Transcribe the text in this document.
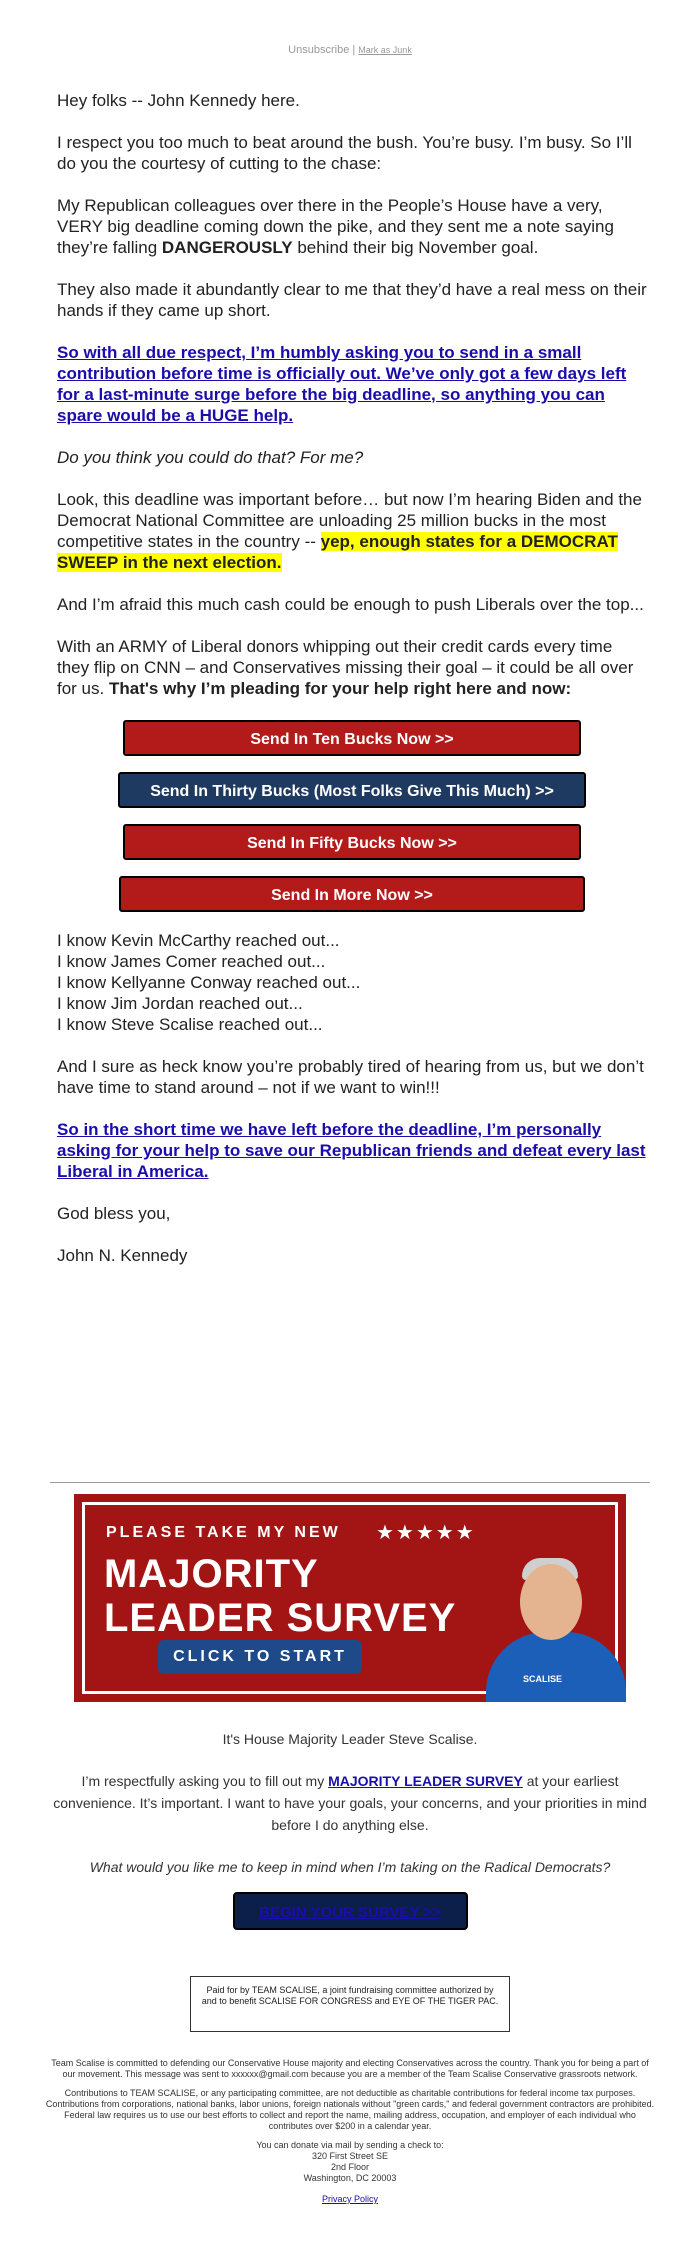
Unsubscribe | Mark as Junk

Hey folks -- John Kennedy here.

I respect you too much to beat around the bush. You’re busy. I’m busy. So I’ll do you the courtesy of cutting to the chase:

My Republican colleagues over there in the People’s House have a very, VERY big deadline coming down the pike, and they sent me a note saying they’re falling DANGEROUSLY behind their big November goal.

They also made it abundantly clear to me that they’d have a real mess on their hands if they came up short.

So with all due respect, I’m humbly asking you to send in a small contribution before time is officially out. We’ve only got a few days left for a last-minute surge before the big deadline, so anything you can spare would be a HUGE help.

Do you think you could do that? For me?

Look, this deadline was important before… but now I’m hearing Biden and the Democrat National Committee are unloading 25 million bucks in the most competitive states in the country -- yep, enough states for a DEMOCRAT SWEEP in the next election.

And I’m afraid this much cash could be enough to push Liberals over the top...

With an ARMY of Liberal donors whipping out their credit cards every time they flip on CNN – and Conservatives missing their goal – it could be all over for us. That's why I’m pleading for your help right here and now:

Send In Ten Bucks Now >>
Send In Thirty Bucks (Most Folks Give This Much) >>
Send In Fifty Bucks Now >>
Send In More Now >>

I know Kevin McCarthy reached out...

I know James Comer reached out...

I know Kellyanne Conway reached out...

I know Jim Jordan reached out...

I know Steve Scalise reached out...

And I sure as heck know you’re probably tired of hearing from us, but we don’t have time to stand around – not if we want to win!!!

So in the short time we have left before the deadline, I’m personally asking for your help to save our Republican friends and defeat every last Liberal in America.

God bless you,

John N. Kennedy

PLEASE TAKE MY NEW ★★★★★
MAJORITY
LEADER SURVEY
CLICK TO START
SCALISE

It's House Majority Leader Steve Scalise.

I’m respectfully asking you to fill out my MAJORITY LEADER SURVEY at your earliest convenience. It’s important. I want to have your goals, your concerns, and your priorities in mind before I do anything else.

What would you like me to keep in mind when I’m taking on the Radical Democrats?

BEGIN YOUR SURVEY >>
Paid for by TEAM SCALISE, a joint fundraising committee authorized by and to benefit SCALISE FOR CONGRESS and EYE OF THE TIGER PAC.

Team Scalise is committed to defending our Conservative House majority and electing Conservatives across the country. Thank you for being a part of our movement. This message was sent to xxxxxx@gmail.com because you are a member of the Team Scalise Conservative grassroots network.

Contributions to TEAM SCALISE, or any participating committee, are not deductible as charitable contributions for federal income tax purposes. Contributions from corporations, national banks, labor unions, foreign nationals without "green cards," and federal government contractors are prohibited. Federal law requires us to use our best efforts to collect and report the name, mailing address, occupation, and employer of each individual who contributes over $200 in a calendar year.

You can donate via mail by sending a check to:

320 First Street SE

2nd Floor

Washington, DC 20003

Privacy Policy
